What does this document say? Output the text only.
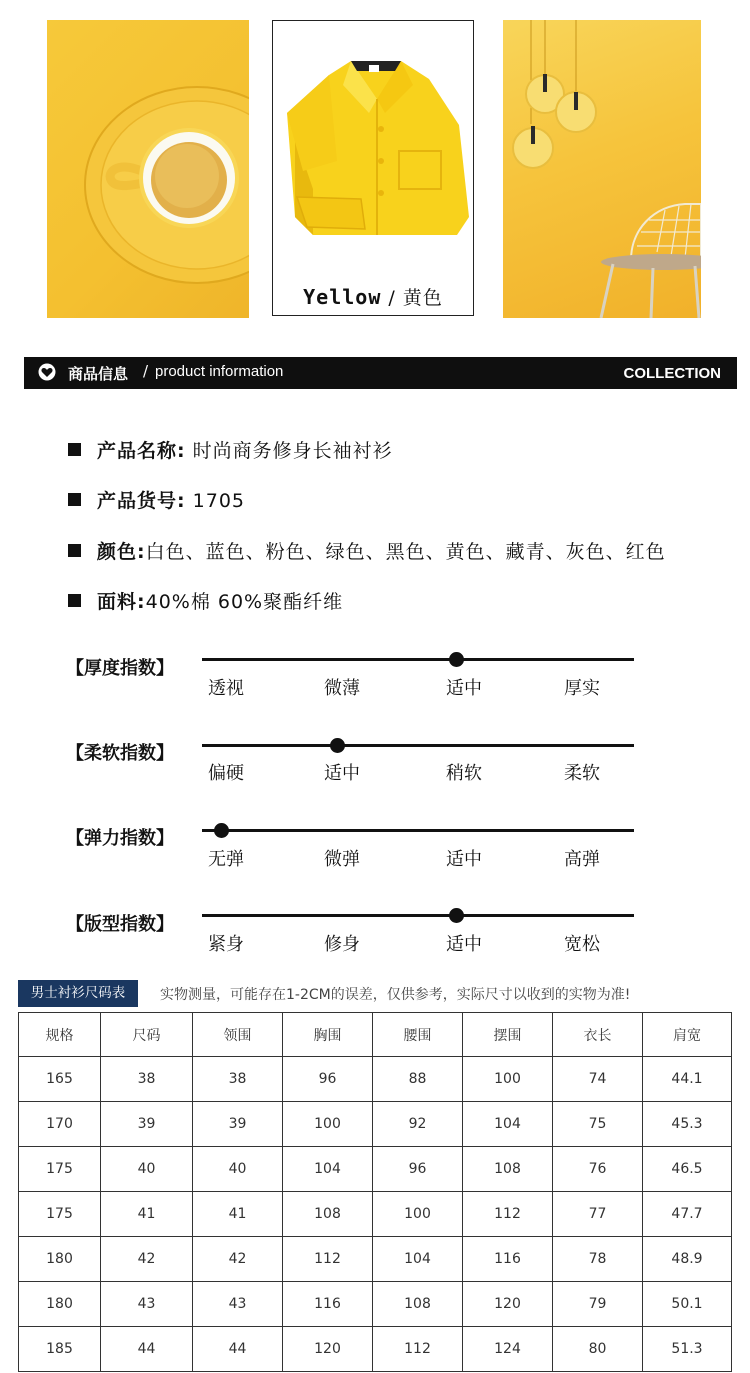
Yellow / 黄色
商品信息 / product information	COLLECTION
产品名称: 时尚商务修身长袖衬衫
产品货号: 1705
颜色:白色、蓝色、粉色、绿色、黑色、黄色、藏青、灰色、红色
面料:40%棉 60%聚酯纤维
【厚度指数】
透视	微薄	适中	厚实
【柔软指数】
偏硬	适中	稍软	柔软
【弹力指数】
无弹	微弹	适中	高弹
【版型指数】
紧身	修身	适中	宽松
男士衬衫尺码表	实物测量，可能存在1-2CM的误差，仅供参考，实际尺寸以收到的实物为准!
规格	尺码	领围	胸围	腰围	摆围	衣长	肩宽
165	38	38	96	88	100	74	44.1
170	39	39	100	92	104	75	45.3
175	40	40	104	96	108	76	46.5
175	41	41	108	100	112	77	47.7
180	42	42	112	104	116	78	48.9
180	43	43	116	108	120	79	50.1
185	44	44	120	112	124	80	51.3
